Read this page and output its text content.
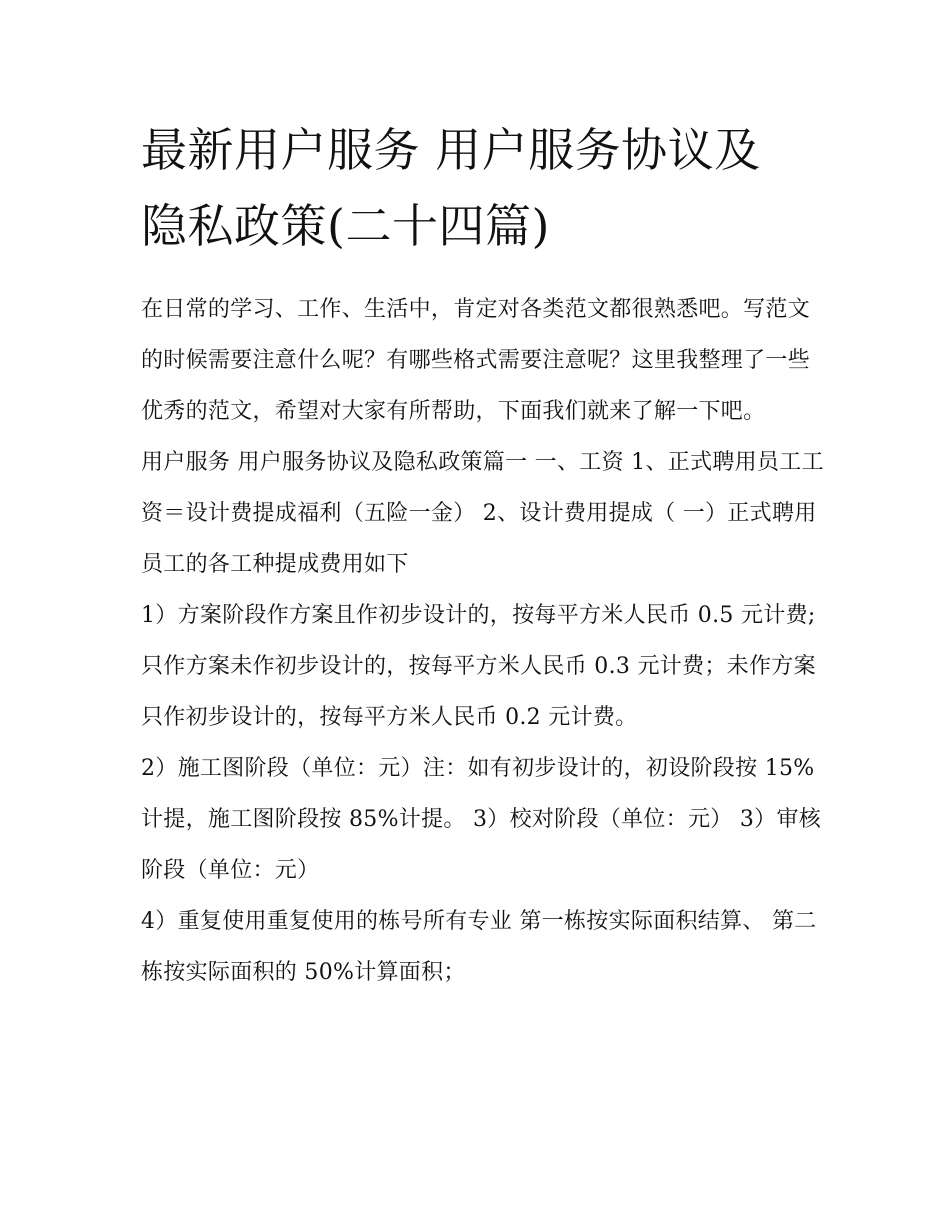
最新用户服务 用户服务协议及
隐私政策(二十四篇)

在日常的学习、工作、生活中，肯定对各类范文都很熟悉吧。写范文的时候需要注意什么呢？有哪些格式需要注意呢？这里我整理了一些优秀的范文，希望对大家有所帮助，下面我们就来了解一下吧。

用户服务 用户服务协议及隐私政策篇一 一、工资 1、正式聘用员工工资＝设计费提成福利（五险一金） 2、设计费用提成（ 一）正式聘用员工的各工种提成费用如下

1）方案阶段作方案且作初步设计的，按每平方米人民币 0.5 元计费;只作方案未作初步设计的，按每平方米人民币 0.3 元计费；未作方案只作初步设计的，按每平方米人民币 0.2 元计费。

2）施工图阶段（单位：元）注：如有初步设计的，初设阶段按 15%计提，施工图阶段按 85%计提。 3）校对阶段（单位：元） 3）审核阶段（单位：元）

4）重复使用重复使用的栋号所有专业 第一栋按实际面积结算、 第二栋按实际面积的 50%计算面积；
